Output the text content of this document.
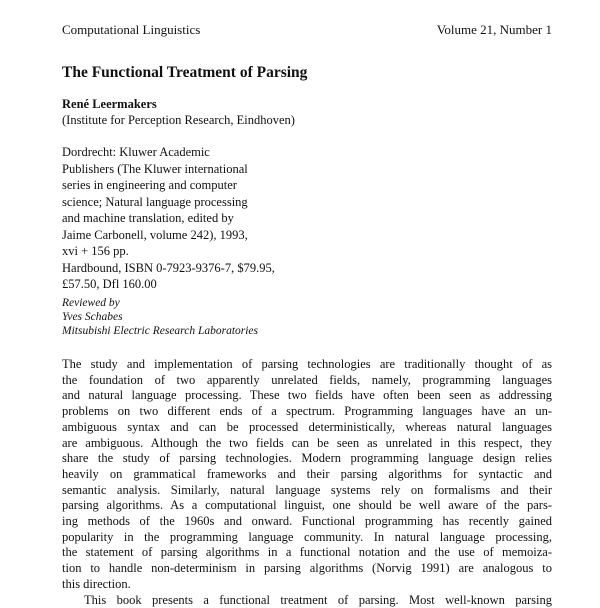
Computational Linguistics	Volume 21, Number 1
The Functional Treatment of Parsing
René Leermakers
(Institute for Perception Research, Eindhoven)
Dordrecht: Kluwer Academic
Publishers (The Kluwer international
series in engineering and computer
science; Natural language processing
and machine translation, edited by
Jaime Carbonell, volume 242), 1993,
xvi + 156 pp.
Hardbound, ISBN 0-7923-9376-7, $79.95,
£57.50, Dfl 160.00
Reviewed by
Yves Schabes
Mitsubishi Electric Research Laboratories
The study and implementation of parsing technologies are traditionally thought of as
the foundation of two apparently unrelated fields, namely, programming languages
and natural language processing. These two fields have often been seen as addressing
problems on two different ends of a spectrum. Programming languages have an un-
ambiguous syntax and can be processed deterministically, whereas natural languages
are ambiguous. Although the two fields can be seen as unrelated in this respect, they
share the study of parsing technologies. Modern programming language design relies
heavily on grammatical frameworks and their parsing algorithms for syntactic and
semantic analysis. Similarly, natural language systems rely on formalisms and their
parsing algorithms. As a computational linguist, one should be well aware of the pars-
ing methods of the 1960s and onward. Functional programming has recently gained
popularity in the programming language community. In natural language processing,
the statement of parsing algorithms in a functional notation and the use of memoiza-
tion to handle non-determinism in parsing algorithms (Norvig 1991) are analogous to
this direction.
This book presents a functional treatment of parsing. Most well-known parsing
